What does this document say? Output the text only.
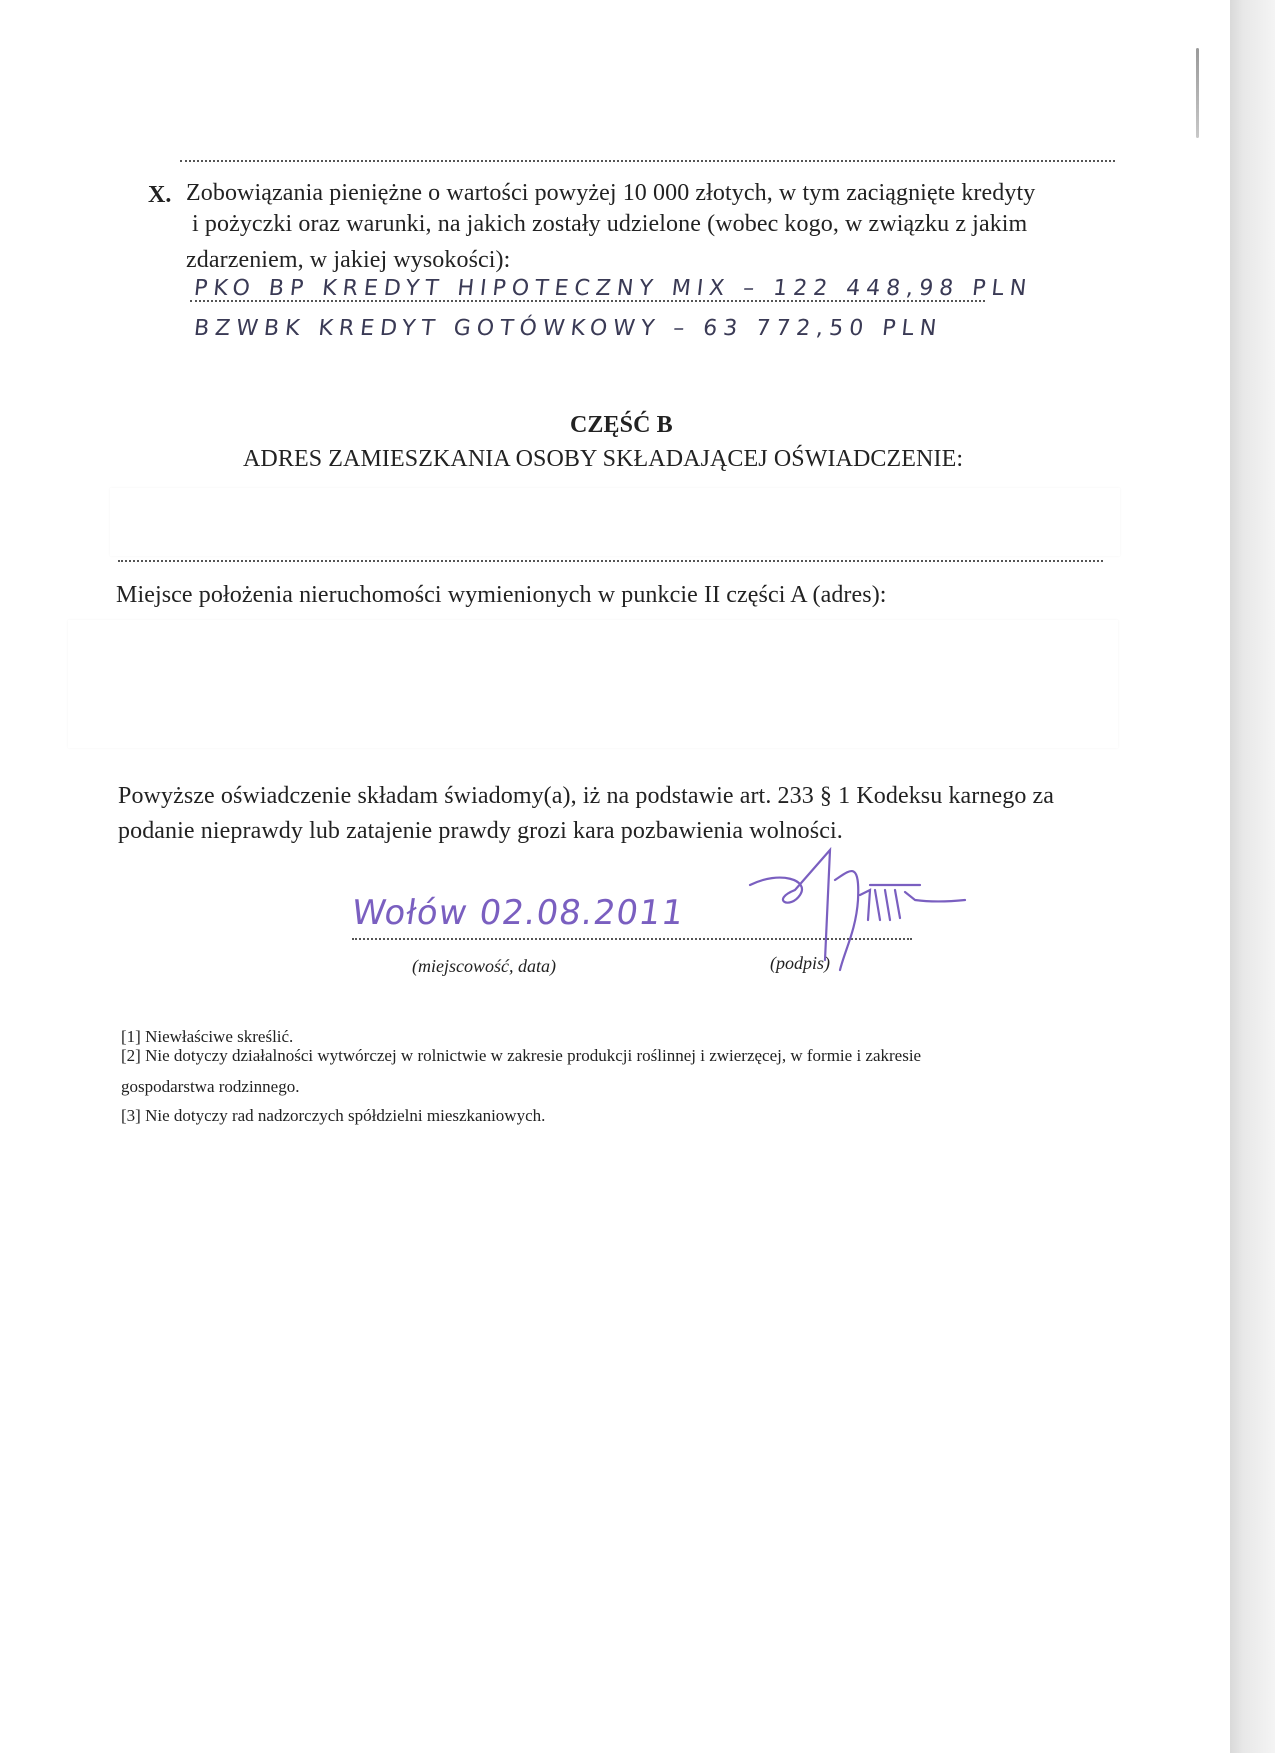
X. Zobowiązania pieniężne o wartości powyżej 10 000 złotych, w tym zaciągnięte kredyty
i pożyczki oraz warunki, na jakich zostały udzielone (wobec kogo, w związku z jakim
zdarzeniem, w jakiej wysokości):
PKO BP KREDYT HIPOTECZNY MIX – 122 448,98 PLN
BZWBK KREDYT GOTÓWKOWY – 63 772,50 PLN
CZĘŚĆ B
ADRES ZAMIESZKANIA OSOBY SKŁADAJĄCEJ OŚWIADCZENIE:
Miejsce położenia nieruchomości wymienionych w punkcie II części A (adres):
Powyższe oświadczenie składam świadomy(a), iż na podstawie art. 233 § 1 Kodeksu karnego za
podanie nieprawdy lub zatajenie prawdy grozi kara pozbawienia wolności.
Wołów 02.08.2011
(miejscowość, data)	(podpis)
[1] Niewłaściwe skreślić.
[2] Nie dotyczy działalności wytwórczej w rolnictwie w zakresie produkcji roślinnej i zwierzęcej, w formie i zakresie
gospodarstwa rodzinnego.
[3] Nie dotyczy rad nadzorczych spółdzielni mieszkaniowych.
